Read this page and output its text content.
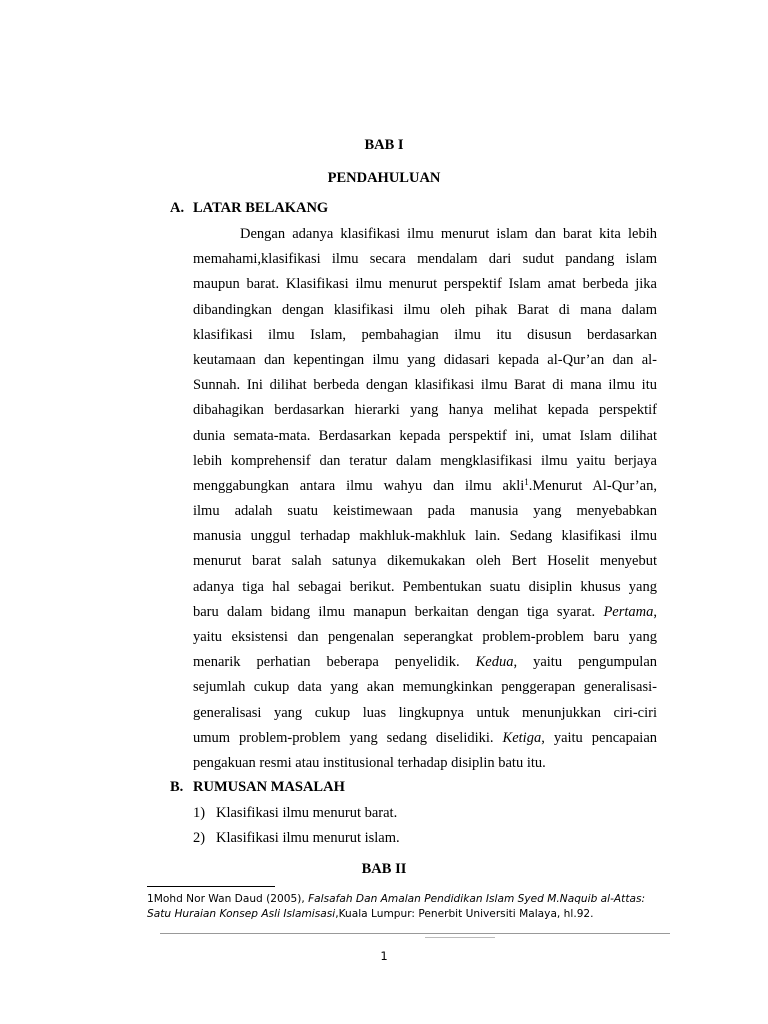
BAB I
PENDAHULUAN
A. LATAR BELAKANG
Dengan adanya klasifikasi ilmu menurut islam dan barat kita lebih
memahami,klasifikasi ilmu secara mendalam dari sudut pandang islam
maupun barat. Klasifikasi ilmu menurut perspektif Islam amat berbeda jika
dibandingkan dengan klasifikasi ilmu oleh pihak Barat di mana dalam
klasifikasi ilmu Islam, pembahagian ilmu itu disusun berdasarkan
keutamaan dan kepentingan ilmu yang didasari kepada al-Qur’an dan al-
Sunnah. Ini dilihat berbeda dengan klasifikasi ilmu Barat di mana ilmu itu
dibahagikan berdasarkan hierarki yang hanya melihat kepada perspektif
dunia semata-mata. Berdasarkan kepada perspektif ini, umat Islam dilihat
lebih komprehensif dan teratur dalam mengklasifikasi ilmu yaitu berjaya
menggabungkan antara ilmu wahyu dan ilmu akli$^1$.Menurut Al-Qur’an,
ilmu adalah suatu keistimewaan pada manusia yang menyebabkan
manusia unggul terhadap makhluk-makhluk lain. Sedang klasifikasi ilmu
menurut barat salah satunya dikemukakan oleh Bert Hoselit menyebut
adanya tiga hal sebagai berikut. Pembentukan suatu disiplin khusus yang
baru dalam bidang ilmu manapun berkaitan dengan tiga syarat. Pertama,
yaitu eksistensi dan pengenalan seperangkat problem-problem baru yang
menarik perhatian beberapa penyelidik. Kedua, yaitu pengumpulan
sejumlah cukup data yang akan memungkinkan penggerapan generalisasi-
generalisasi yang cukup luas lingkupnya untuk menunjukkan ciri-ciri
umum problem-problem yang sedang diselidiki. Ketiga, yaitu pencapaian
pengakuan resmi atau institusional terhadap disiplin batu itu.
B. RUMUSAN MASALAH
1) Klasifikasi ilmu menurut barat.
2) Klasifikasi ilmu menurut islam.
BAB II
1Mohd Nor Wan Daud (2005), Falsafah Dan Amalan Pendidikan Islam Syed M.Naquib al-Attas:
Satu Huraian Konsep Asli Islamisasi,Kuala Lumpur: Penerbit Universiti Malaya, hl.92.
1
